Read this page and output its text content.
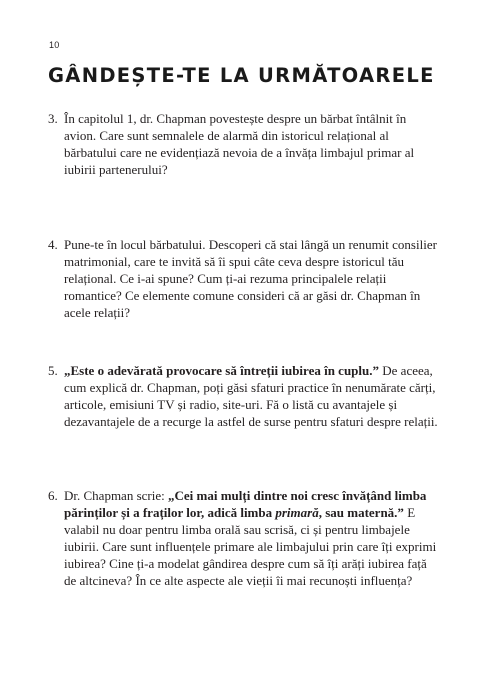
10
GÂNDEȘTE-TE LA URMĂTOARELE
3. În capitolul 1, dr. Chapman povestește despre un bărbat întâlnit în avion. Care sunt semnalele de alarmă din istoricul relațional al bărbatului care ne evidențiază nevoia de a învăța limbajul primar al iubirii partenerului?
4. Pune-te în locul bărbatului. Descoperi că stai lângă un renumit consilier matrimonial, care te invită să îi spui câte ceva despre istoricul tău relațional. Ce i-ai spune? Cum ți-ai rezuma principalele relații romantice? Ce elemente comune consideri că ar găsi dr. Chapman în acele relații?
5. „Este o adevărată provocare să întreții iubirea în cuplu.” De aceea, cum explică dr. Chapman, poți găsi sfaturi practice în nenumărate cărți, articole, emisiuni TV și radio, site-uri. Fă o listă cu avantajele și dezavantajele de a recurge la astfel de surse pentru sfaturi despre relații.
6. Dr. Chapman scrie: „Cei mai mulți dintre noi cresc învățând limba părinților și a fraților lor, adică limba primară, sau maternă.” E valabil nu doar pentru limba orală sau scrisă, ci și pentru limbajele iubirii. Care sunt influențele primare ale limbajului prin care îți exprimi iubirea? Cine ți-a modelat gândirea despre cum să îți arăți iubirea față de altcineva? În ce alte aspecte ale vieții îi mai recunoști influența?
